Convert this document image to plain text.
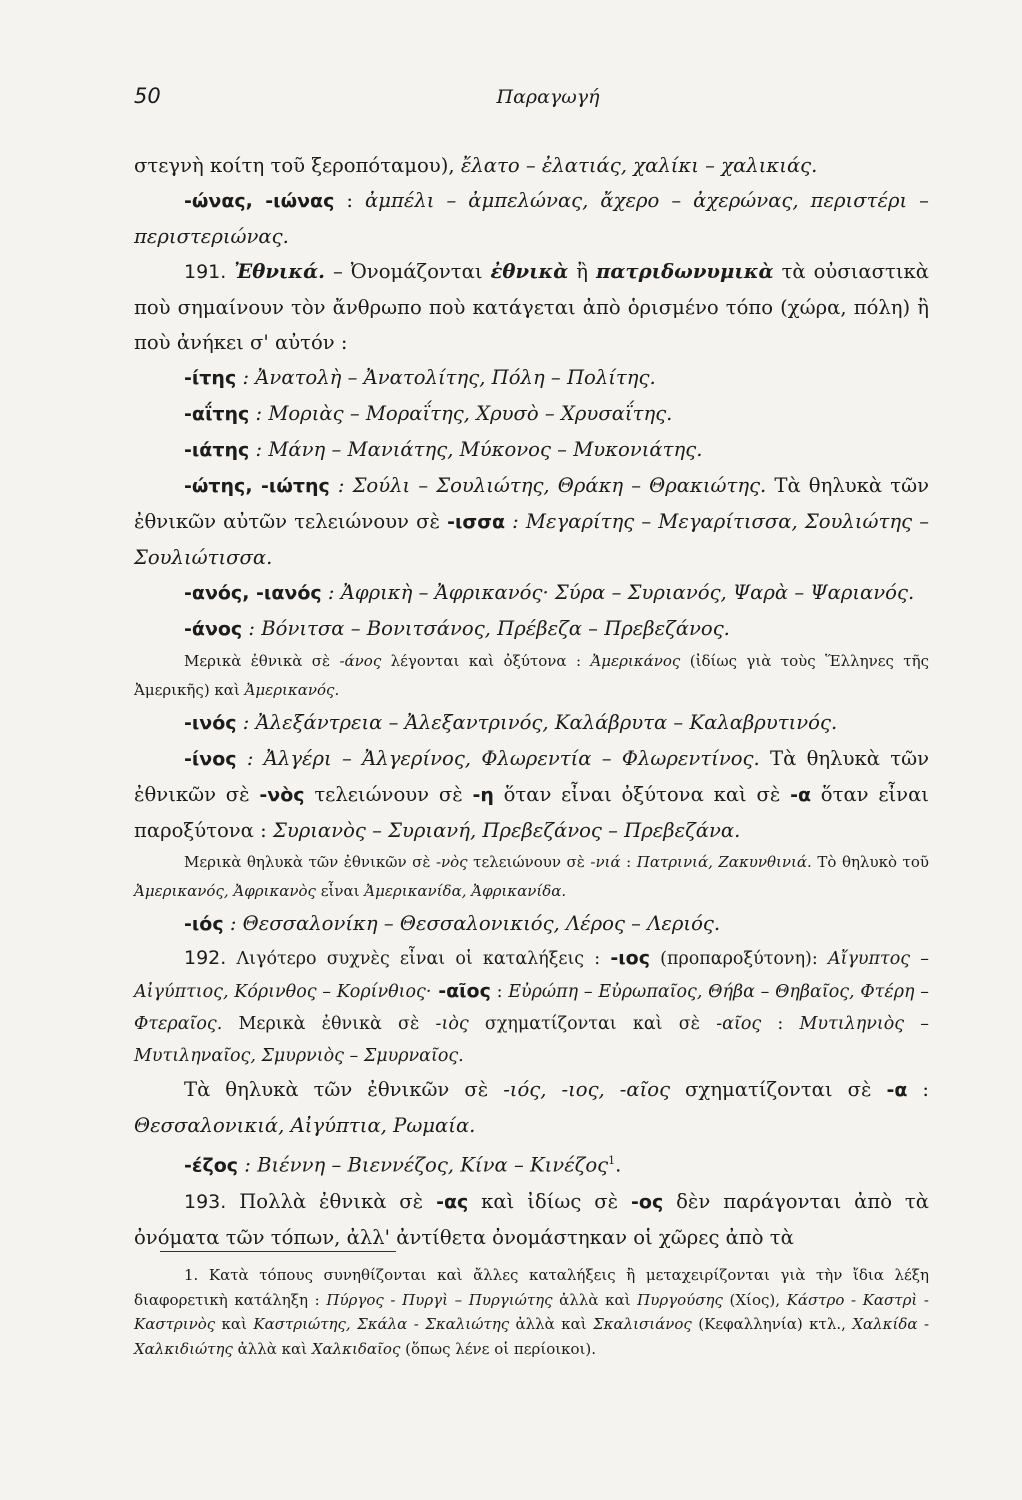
50	Παραγωγή

στεγνὴ κοίτη τοῦ ξεροπόταμου), ἔλατο – ἐλατιάς, χαλίκι – χαλικιάς.

-ώνας, -ιώνας : ἀμπέλι – ἀμπελώνας, ἄχερο – ἀχερώνας, περιστέρι – περιστεριώνας.

191. Ἐθνικά. – Ὀνομάζονται ἐθνικὰ ἢ πατριδωνυμικὰ τὰ οὐσιαστικὰ ποὺ σημαίνουν τὸν ἄνθρωπο ποὺ κατάγεται ἀπὸ ὁρισμένο τόπο (χώρα, πόλη) ἢ ποὺ ἀνήκει σ' αὐτόν :

-ίτης : Ἀνατολὴ – Ἀνατολίτης, Πόλη – Πολίτης.

-αΐτης : Μοριὰς – Μοραΐτης, Χρυσὸ – Χρυσαΐτης.

-ιάτης : Μάνη – Μανιάτης, Μύκονος – Μυκονιάτης.

-ώτης, -ιώτης : Σούλι – Σουλιώτης, Θράκη – Θρακιώτης. Τὰ θηλυκὰ τῶν ἐθνικῶν αὐτῶν τελειώνουν σὲ -ισσα : Μεγαρίτης – Μεγαρίτισσα, Σουλιώτης – Σουλιώτισσα.

-ανός, -ιανός : Ἀφρικὴ – Ἀφρικανός· Σύρα – Συριανός, Ψαρὰ – Ψαριανός.

-άνος : Βόνιτσα – Βονιτσάνος, Πρέβεζα – Πρεβεζάνος.

Μερικὰ ἐθνικὰ σὲ -άνος λέγονται καὶ ὀξύτονα : Ἀμερικάνος (ἰδίως γιὰ τοὺς Ἕλληνες τῆς Ἀμερικῆς) καὶ Ἀμερικανός.

-ινός : Ἀλεξάντρεια – Ἀλεξαντρινός, Καλάβρυτα – Καλαβρυτινός.

-ίνος : Ἀλγέρι – Ἀλγερίνος, Φλωρεντία – Φλωρεντίνος. Τὰ θηλυκὰ τῶν ἐθνικῶν σὲ -νὸς τελειώνουν σὲ -η ὅταν εἶναι ὀξύτονα καὶ σὲ -α ὅταν εἶναι παροξύτονα : Συριανὸς – Συριανή, Πρεβεζάνος – Πρεβεζάνα.

Μερικὰ θηλυκὰ τῶν ἐθνικῶν σὲ -νὸς τελειώνουν σὲ -νιά : Πατρινιά, Ζακυνθινιά. Τὸ θηλυκὸ τοῦ Ἀμερικανός, Ἀφρικανὸς εἶναι Ἀμερικανίδα, Ἀφρικανίδα.

-ιός : Θεσσαλονίκη – Θεσσαλονικιός, Λέρος – Λεριός.

192. Λιγότερο συχνὲς εἶναι οἱ καταλήξεις : -ιος (προπαροξύτονη): Αἴγυπτος – Αἰγύπτιος, Κόρινθος – Κορίνθιος· -αῖος : Εὐρώπη – Εὐρωπαῖος, Θήβα – Θηβαῖος, Φτέρη – Φτεραῖος. Μερικὰ ἐθνικὰ σὲ -ιὸς σχηματίζονται καὶ σὲ -αῖος : Μυτιληνιὸς – Μυτιληναῖος, Σμυρνιὸς – Σμυρναῖος.

Τὰ θηλυκὰ τῶν ἐθνικῶν σὲ -ιός, -ιος, -αῖος σχηματίζονται σὲ -α : Θεσσαλονικιά, Αἰγύπτια, Ρωμαία.

-έζος : Βιέννη – Βιεννέζος, Κίνα – Κινέζος$^1$.

193. Πολλὰ ἐθνικὰ σὲ -ας καὶ ἰδίως σὲ -ος δὲν παράγονται ἀπὸ τὰ ὀνόματα τῶν τόπων, ἀλλ' ἀντίθετα ὀνομάστηκαν οἱ χῶρες ἀπὸ τὰ

1. Κατὰ τόπους συνηθίζονται καὶ ἄλλες καταλήξεις ἢ μεταχειρίζονται γιὰ τὴν ἴδια λέξη διαφορετικὴ κατάληξη : Πύργος - Πυργὶ – Πυργιώτης ἀλλὰ καὶ Πυργούσης (Χίος), Κάστρο - Καστρὶ - Καστρινὸς καὶ Καστριώτης, Σκάλα - Σκαλιώτης ἀλλὰ καὶ Σκαλισιάνος (Κεφαλληνία) κτλ., Χαλκίδα - Χαλκιδιώτης ἀλλὰ καὶ Χαλκιδαῖος (ὅπως λένε οἱ περίοικοι).
